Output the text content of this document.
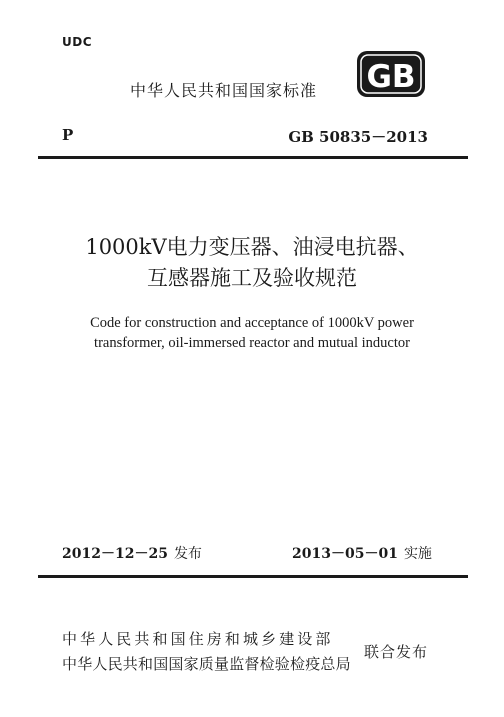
UDC
中华人民共和国国家标准 GB
P	GB 50835－2013
1000kV电力变压器、油浸电抗器、
互感器施工及验收规范
Code for construction and acceptance of 1000kV power
transformer, oil-immersed reactor and mutual inductor
2012－12－25 发布	2013－05－01 实施
中华人民共和国住房和城乡建设部
中华人民共和国国家质量监督检验检疫总局
联合发布
